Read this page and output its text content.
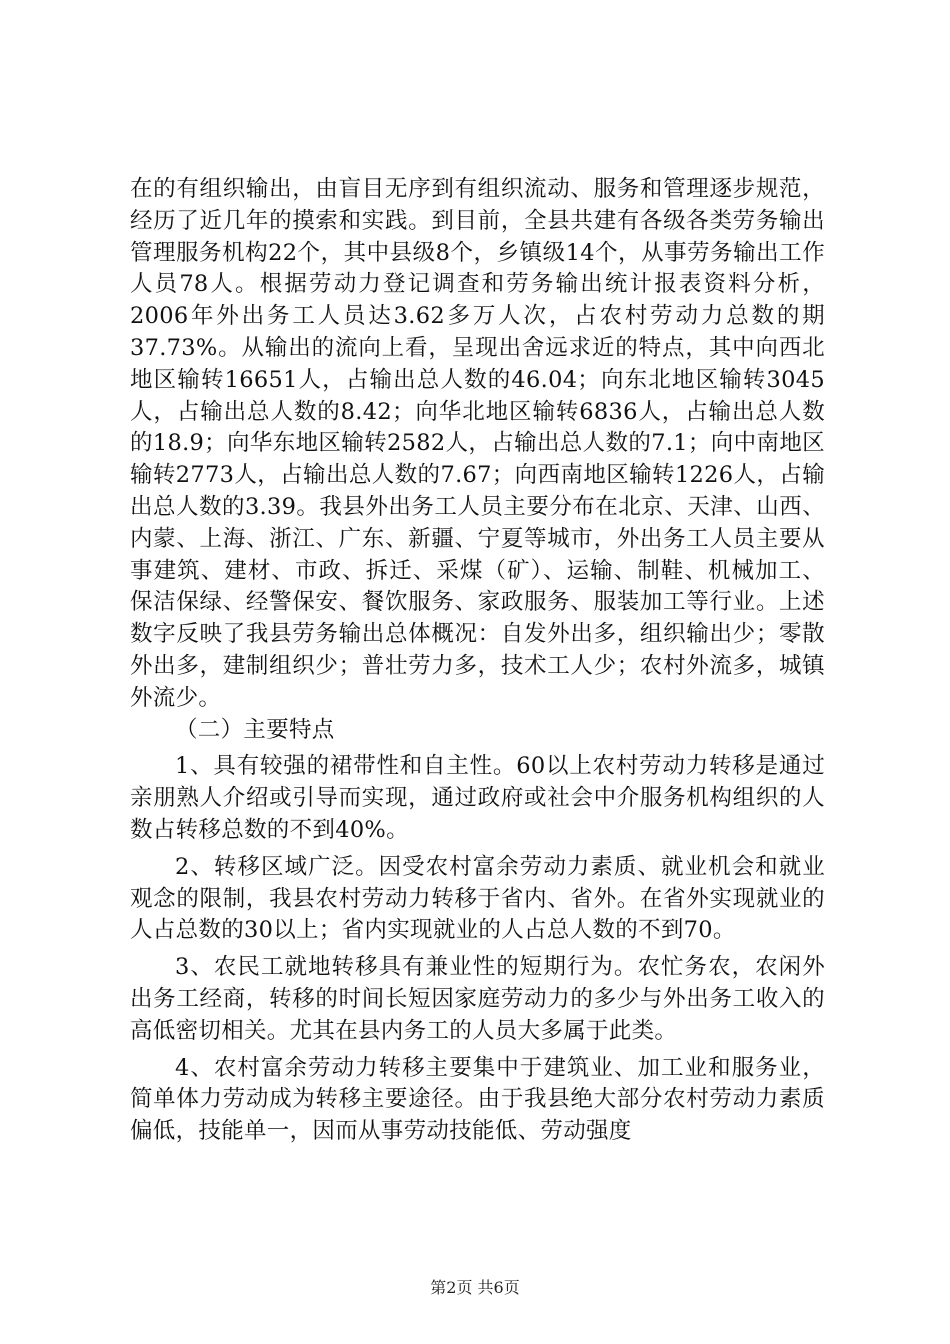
在的有组织输出，由盲目无序到有组织流动、服务和管理逐步规范，经历了近几年的摸索和实践。到目前，全县共建有各级各类劳务输出管理服务机构22个，其中县级8个，乡镇级14个，从事劳务输出工作人员78人。根据劳动力登记调查和劳务输出统计报表资料分析，2006年外出务工人员达3.62多万人次，占农村劳动力总数的期37.73%。从输出的流向上看，呈现出舍远求近的特点，其中向西北地区输转16651人，占输出总人数的46.04；向东北地区输转3045人，占输出总人数的8.42；向华北地区输转6836人，占输出总人数的18.9；向华东地区输转2582人，占输出总人数的7.1；向中南地区输转2773人，占输出总人数的7.67；向西南地区输转1226人，占输出总人数的3.39。我县外出务工人员主要分布在北京、天津、山西、内蒙、上海、浙江、广东、新疆、宁夏等城市，外出务工人员主要从事建筑、建材、市政、拆迁、采煤（矿）、运输、制鞋、机械加工、保洁保绿、经警保安、餐饮服务、家政服务、服装加工等行业。上述数字反映了我县劳务输出总体概况：自发外出多，组织输出少；零散外出多，建制组织少；普壮劳力多，技术工人少；农村外流多，城镇外流少。

（二）主要特点

1、具有较强的裙带性和自主性。60以上农村劳动力转移是通过亲朋熟人介绍或引导而实现，通过政府或社会中介服务机构组织的人数占转移总数的不到40%。

2、转移区域广泛。因受农村富余劳动力素质、就业机会和就业观念的限制，我县农村劳动力转移于省内、省外。在省外实现就业的人占总数的30以上；省内实现就业的人占总人数的不到70。

3、农民工就地转移具有兼业性的短期行为。农忙务农，农闲外出务工经商，转移的时间长短因家庭劳动力的多少与外出务工收入的高低密切相关。尤其在县内务工的人员大多属于此类。

4、农村富余劳动力转移主要集中于建筑业、加工业和服务业，简单体力劳动成为转移主要途径。由于我县绝大部分农村劳动力素质偏低，技能单一，因而从事劳动技能低、劳动强度

第2页 共6页
